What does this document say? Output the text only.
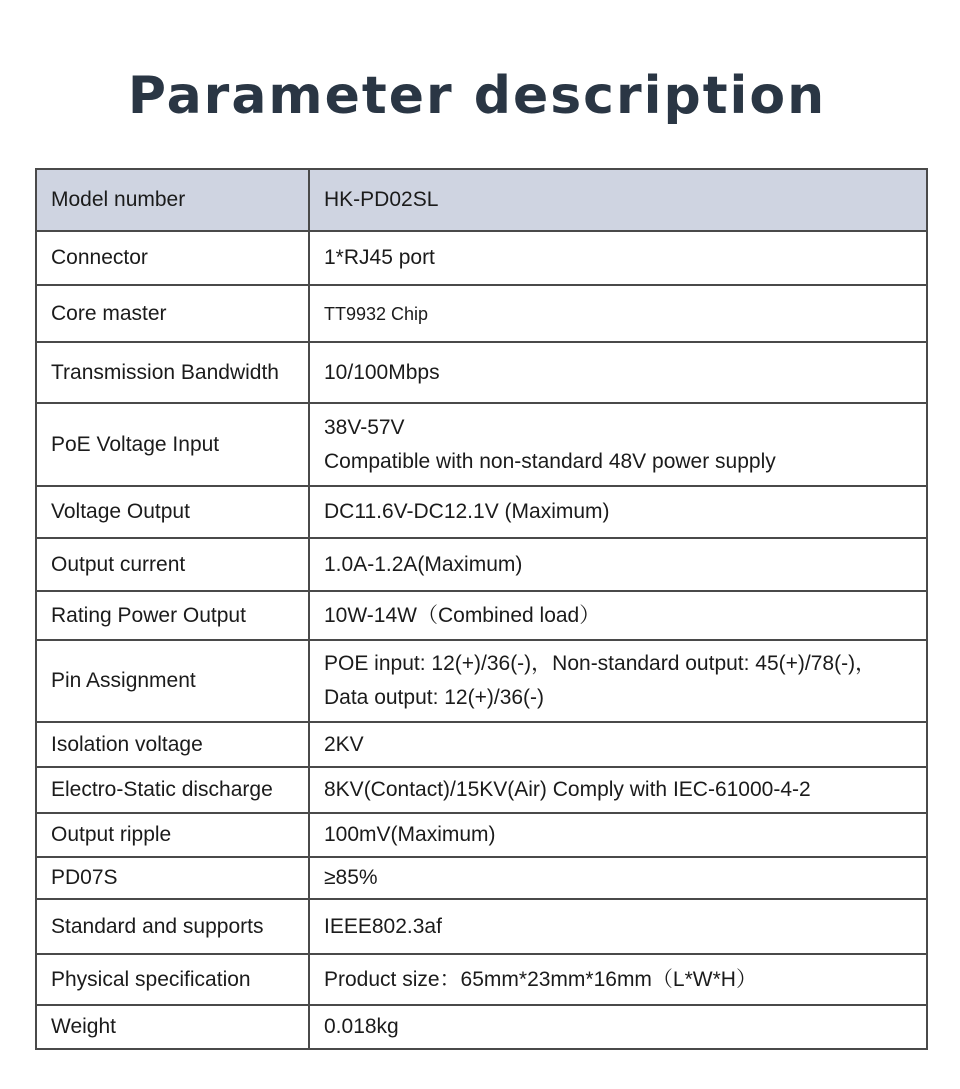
Parameter description
Model number	HK-PD02SL
Connector	1*RJ45 port

Core master	TT9932 Chip

Transmission Bandwidth	10/100Mbps

PoE Voltage Input	38V-57V
Compatible with non-standard 48V power supply

Voltage Output	DC11.6V-DC12.1V (Maximum)

Output current	1.0A-1.2A(Maximum)

Rating Power Output	10W-14W（Combined load）

Pin Assignment	POE input: 12(+)/36(-)，Non-standard output: 45(+)/78(-)，
Data output: 12(+)/36(-)

Isolation voltage	2KV

Electro-Static discharge	8KV(Contact)/15KV(Air) Comply with IEC-61000-4-2

Output ripple	100mV(Maximum)

PD07S	≥85%

Standard and supports	IEEE802.3af

Physical specification	Product size：65mm*23mm*16mm（L*W*H）

Weight	0.018kg
